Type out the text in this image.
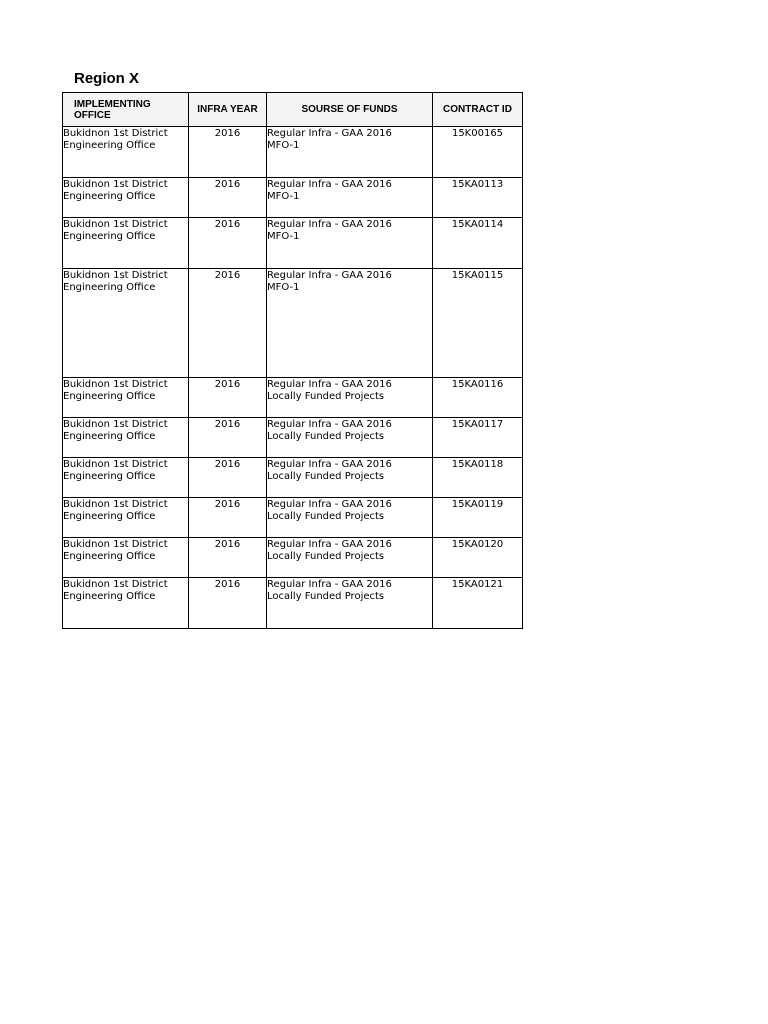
Region X
IMPLEMENTING
OFFICE	INFRA YEAR	SOURSE OF FUNDS	CONTRACT ID

Bukidnon 1st District
Engineering Office	2016	Regular Infra - GAA 2016
MFO-1	15K00165

Bukidnon 1st District
Engineering Office	2016	Regular Infra - GAA 2016
MFO-1	15KA0113

Bukidnon 1st District
Engineering Office	2016	Regular Infra - GAA 2016
MFO-1	15KA0114

Bukidnon 1st District
Engineering Office	2016	Regular Infra - GAA 2016
MFO-1	15KA0115

Bukidnon 1st District
Engineering Office	2016	Regular Infra - GAA 2016
Locally Funded Projects	15KA0116

Bukidnon 1st District
Engineering Office	2016	Regular Infra - GAA 2016
Locally Funded Projects	15KA0117

Bukidnon 1st District
Engineering Office	2016	Regular Infra - GAA 2016
Locally Funded Projects	15KA0118

Bukidnon 1st District
Engineering Office	2016	Regular Infra - GAA 2016
Locally Funded Projects	15KA0119

Bukidnon 1st District
Engineering Office	2016	Regular Infra - GAA 2016
Locally Funded Projects	15KA0120

Bukidnon 1st District
Engineering Office	2016	Regular Infra - GAA 2016
Locally Funded Projects	15KA0121
